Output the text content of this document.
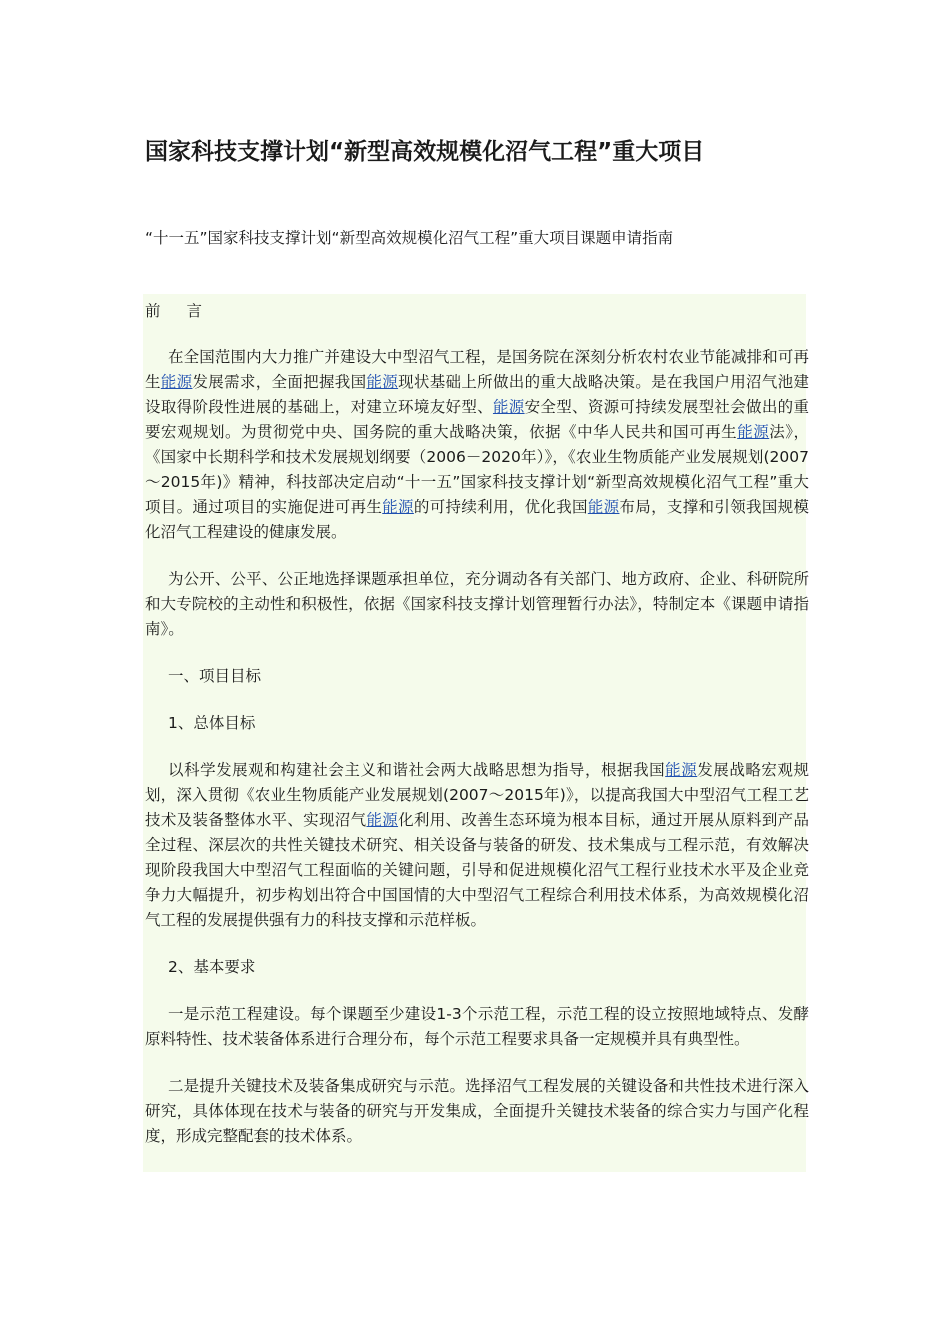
国家科技支撑计划“新型高效规模化沼气工程”重大项目

“十一五”国家科技支撑计划“新型高效规模化沼气工程”重大项目课题申请指南

前 言

在全国范围内大力推广并建设大中型沼气工程，是国务院在深刻分析农村农业节能减排和可再生能源发展需求，全面把握我国能源现状基础上所做出的重大战略决策。是在我国户用沼气池建设取得阶段性进展的基础上，对建立环境友好型、能源安全型、资源可持续发展型社会做出的重要宏观规划。为贯彻党中央、国务院的重大战略决策，依据《中华人民共和国可再生能源法》，《国家中长期科学和技术发展规划纲要（2006－2020年）》，《农业生物质能产业发展规划(2007～2015年)》精神，科技部决定启动“十一五”国家科技支撑计划“新型高效规模化沼气工程”重大项目。通过项目的实施促进可再生能源的可持续利用，优化我国能源布局，支撑和引领我国规模化沼气工程建设的健康发展。

为公开、公平、公正地选择课题承担单位，充分调动各有关部门、地方政府、企业、科研院所和大专院校的主动性和积极性，依据《国家科技支撑计划管理暂行办法》，特制定本《课题申请指南》。

一、项目目标

1、总体目标

以科学发展观和构建社会主义和谐社会两大战略思想为指导，根据我国能源发展战略宏观规划，深入贯彻《农业生物质能产业发展规划(2007～2015年)》，以提高我国大中型沼气工程工艺技术及装备整体水平、实现沼气能源化利用、改善生态环境为根本目标，通过开展从原料到产品全过程、深层次的共性关键技术研究、相关设备与装备的研发、技术集成与工程示范，有效解决现阶段我国大中型沼气工程面临的关键问题，引导和促进规模化沼气工程行业技术水平及企业竞争力大幅提升，初步构划出符合中国国情的大中型沼气工程综合利用技术体系，为高效规模化沼气工程的发展提供强有力的科技支撑和示范样板。

2、基本要求

一是示范工程建设。每个课题至少建设1-3个示范工程，示范工程的设立按照地域特点、发酵原料特性、技术装备体系进行合理分布，每个示范工程要求具备一定规模并具有典型性。

二是提升关键技术及装备集成研究与示范。选择沼气工程发展的关键设备和共性技术进行深入研究，具体体现在技术与装备的研究与开发集成，全面提升关键技术装备的综合实力与国产化程度，形成完整配套的技术体系。
